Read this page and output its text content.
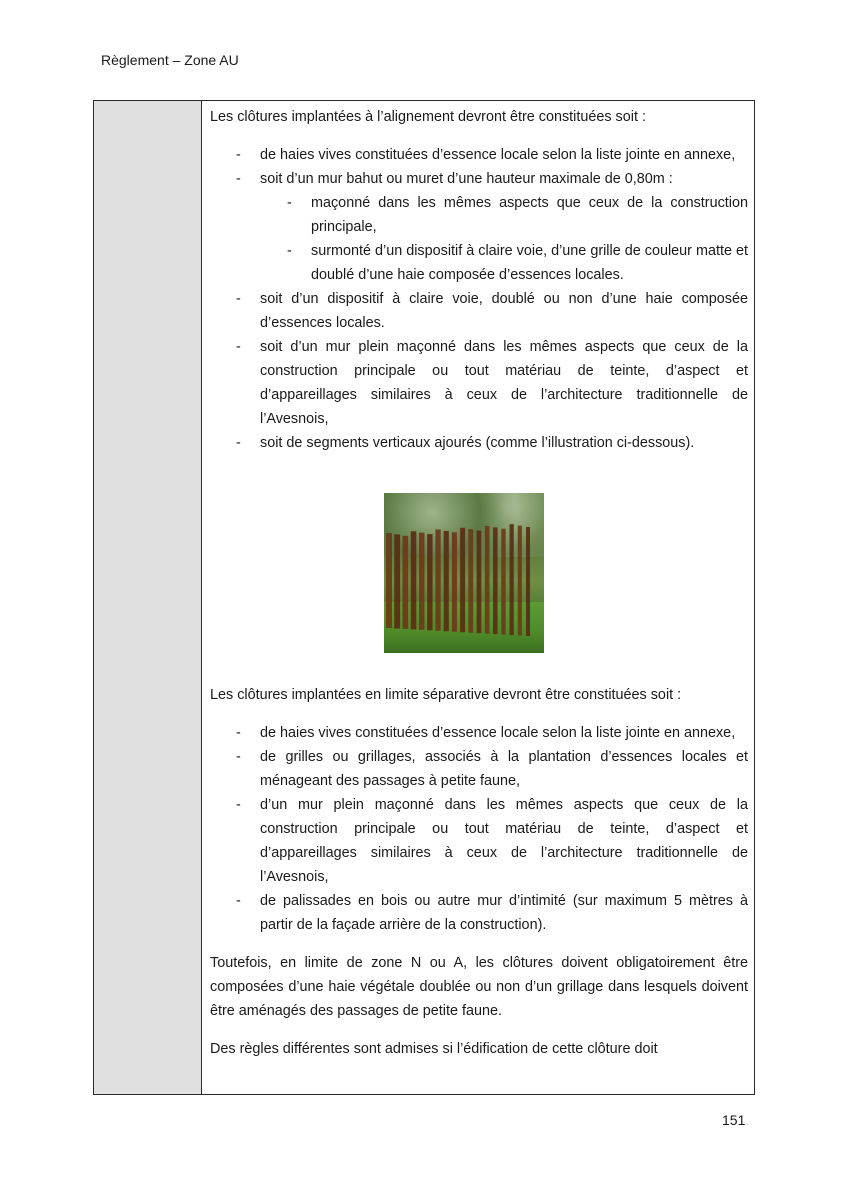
Règlement – Zone AU

Les clôtures implantées à l’alignement devront être constituées soit :

- de haies vives constituées d’essence locale selon la liste jointe en annexe,
- soit d’un mur bahut ou muret d’une hauteur maximale de 0,80m :
- maçonné dans les mêmes aspects que ceux de la construction principale,
- surmonté d’un dispositif à claire voie, d’une grille de couleur matte et doublé d’une haie composée d’essences locales.
- soit d’un dispositif à claire voie, doublé ou non d’une haie composée d’essences locales.
- soit d’un mur plein maçonné dans les mêmes aspects que ceux de la construction principale ou tout matériau de teinte, d’aspect et d’appareillages similaires à ceux de l’architecture traditionnelle de l’Avesnois,
- soit de segments verticaux ajourés (comme l’illustration ci-dessous).

Les clôtures implantées en limite séparative devront être constituées soit :

- de haies vives constituées d’essence locale selon la liste jointe en annexe,
- de grilles ou grillages, associés à la plantation d’essences locales et ménageant des passages à petite faune,
- d’un mur plein maçonné dans les mêmes aspects que ceux de la construction principale ou tout matériau de teinte, d’aspect et d’appareillages similaires à ceux de l’architecture traditionnelle de l’Avesnois,
- de palissades en bois ou autre mur d’intimité (sur maximum 5 mètres à partir de la façade arrière de la construction).

Toutefois, en limite de zone N ou A, les clôtures doivent obligatoirement être composées d’une haie végétale doublée ou non d’un grillage dans lesquels doivent être aménagés des passages de petite faune.

Des règles différentes sont admises si l’édification de cette clôture doit

151
